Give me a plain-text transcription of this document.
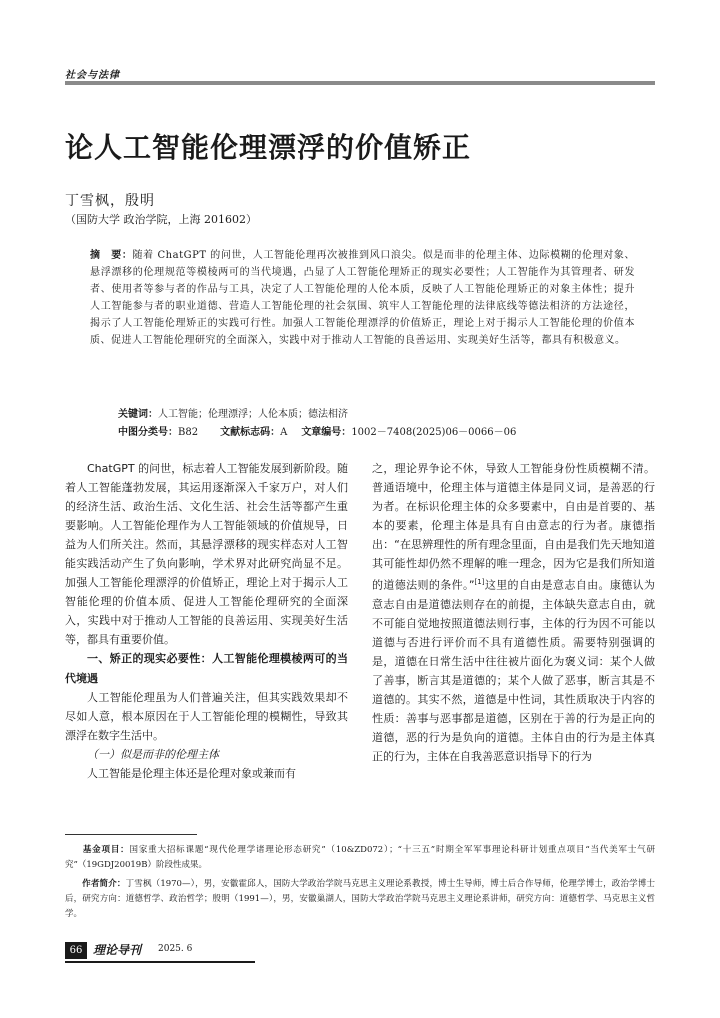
社会与法律
论人工智能伦理漂浮的价值矫正
丁雪枫，殷明
（国防大学 政治学院，上海 201602）
摘　要：随着 ChatGPT 的问世，人工智能伦理再次被推到风口浪尖。似是而非的伦理主体、边际模糊的伦理对象、悬浮漂移的伦理规范等模棱两可的当代境遇，凸显了人工智能伦理矫正的现实必要性；人工智能作为其管理者、研发者、使用者等参与者的作品与工具，决定了人工智能伦理的人伦本质，反映了人工智能伦理矫正的对象主体性；提升人工智能参与者的职业道德、营造人工智能伦理的社会氛围、筑牢人工智能伦理的法律底线等德法相济的方法途径，揭示了人工智能伦理矫正的实践可行性。加强人工智能伦理漂浮的价值矫正，理论上对于揭示人工智能伦理的价值本质、促进人工智能伦理研究的全面深入，实践中对于推动人工智能的良善运用、实现美好生活等，都具有积极意义。
关键词：人工智能；伦理漂浮；人伦本质；德法相济
中图分类号：B82 文献标志码：A 文章编号：1002－7408(2025)06－0066－06

ChatGPT 的问世，标志着人工智能发展到新阶段。随着人工智能蓬勃发展，其运用逐渐深入千家万户，对人们的经济生活、政治生活、文化生活、社会生活等都产生重要影响。人工智能伦理作为人工智能领域的价值规导，日益为人们所关注。然而，其悬浮漂移的现实样态对人工智能实践活动产生了负向影响，学术界对此研究尚显不足。加强人工智能伦理漂浮的价值矫正，理论上对于揭示人工智能伦理的价值本质、促进人工智能伦理研究的全面深入，实践中对于推动人工智能的良善运用、实现美好生活等，都具有重要价值。

一、矫正的现实必要性：人工智能伦理模棱两可的当代境遇

人工智能伦理虽为人们普遍关注，但其实践效果却不尽如人意，根本原因在于人工智能伦理的模糊性，导致其漂浮在数字生活中。

（一）似是而非的伦理主体

人工智能是伦理主体还是伦理对象或兼而有

之，理论界争论不休，导致人工智能身份性质模糊不清。普通语境中，伦理主体与道德主体是同义词，是善恶的行为者。在标识伦理主体的众多要素中，自由是首要的、基本的要素，伦理主体是具有自由意志的行为者。康德指出：“在思辨理性的所有理念里面，自由是我们先天地知道其可能性却仍然不理解的唯一理念，因为它是我们所知道的道德法则的条件。”[1]这里的自由是意志自由。康德认为意志自由是道德法则存在的前提，主体缺失意志自由，就不可能自觉地按照道德法则行事，主体的行为因不可能以道德与否进行评价而不具有道德性质。需要特别强调的是，道德在日常生活中往往被片面化为褒义词：某个人做了善事，断言其是道德的；某个人做了恶事，断言其是不道德的。其实不然，道德是中性词，其性质取决于内容的性质：善事与恶事都是道德，区别在于善的行为是正向的道德，恶的行为是负向的道德。主体自由的行为是主体真正的行为，主体在自我善恶意识指导下的行为

基金项目：国家重大招标课题“现代伦理学诸理论形态研究”（10&ZD072）；“十三五”时期全军军事理论科研计划重点项目“当代美军士气研究”（19GDJ20019B）阶段性成果。
作者简介：丁雪枫（1970—），男，安徽霍邱人，国防大学政治学院马克思主义理论系教授，博士生导师，博士后合作导师，伦理学博士，政治学博士后，研究方向：道德哲学、政治哲学；殷明（1991—），男，安徽巢湖人，国防大学政治学院马克思主义理论系讲师，研究方向：道德哲学、马克思主义哲学。
66 理论导刊 2025. 6
